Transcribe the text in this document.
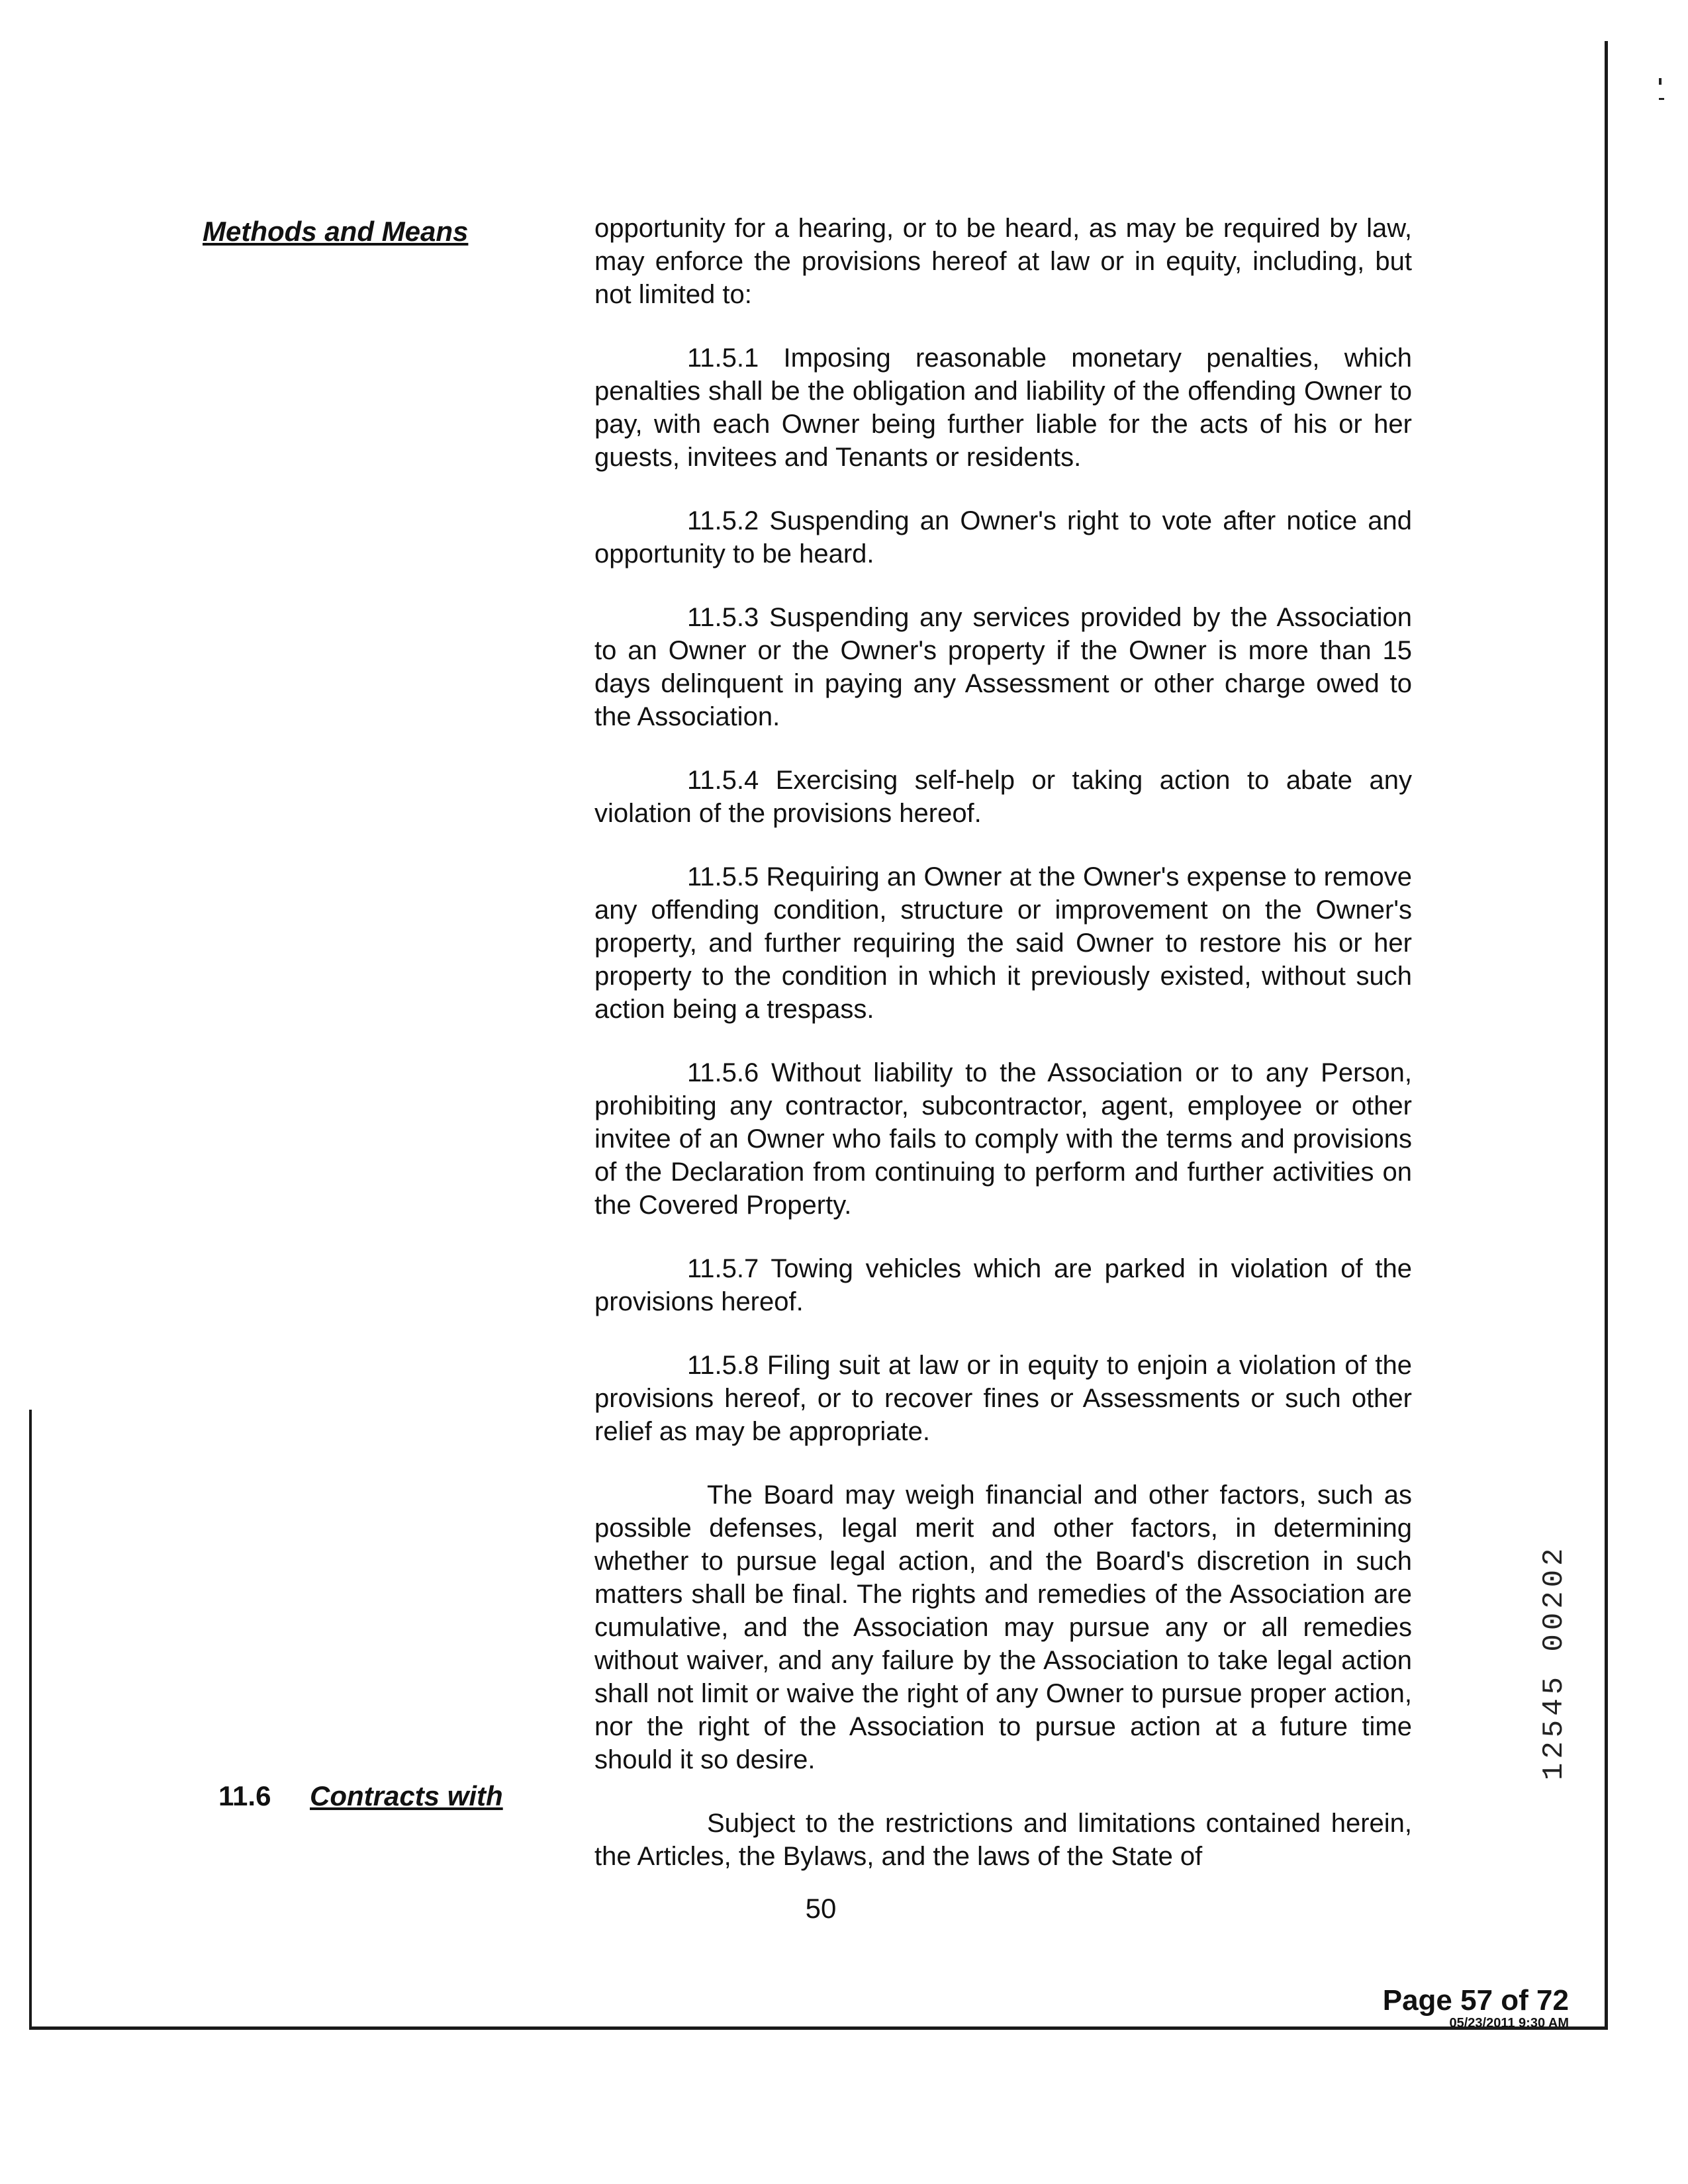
Methods and Means
11.6 Contracts with

opportunity for a hearing, or to be heard, as may be required by law, may enforce the provisions hereof at law or in equity, including, but not limited to:

11.5.1 Imposing reasonable monetary penalties, which penalties shall be the obligation and liability of the offending Owner to pay, with each Owner being further liable for the acts of his or her guests, invitees and Tenants or residents.

11.5.2 Suspending an Owner's right to vote after notice and opportunity to be heard.

11.5.3 Suspending any services provided by the Association to an Owner or the Owner's property if the Owner is more than 15 days delinquent in paying any Assessment or other charge owed to the Association.

11.5.4 Exercising self-help or taking action to abate any violation of the provisions hereof.

11.5.5 Requiring an Owner at the Owner's expense to remove any offending condition, structure or improvement on the Owner's property, and further requiring the said Owner to restore his or her property to the condition in which it previously existed, without such action being a trespass.

11.5.6 Without liability to the Association or to any Person, prohibiting any contractor, subcontractor, agent, employee or other invitee of an Owner who fails to comply with the terms and provisions of the Declaration from continuing to perform and further activities on the Covered Property.

11.5.7 Towing vehicles which are parked in violation of the provisions hereof.

11.5.8 Filing suit at law or in equity to enjoin a violation of the provisions hereof, or to recover fines or Assessments or such other relief as may be appropriate.

The Board may weigh financial and other factors, such as possible defenses, legal merit and other factors, in determining whether to pursue legal action, and the Board's discretion in such matters shall be final. The rights and remedies of the Association are cumulative, and the Association may pursue any or all remedies without waiver, and any failure by the Association to take legal action shall not limit or waive the right of any Owner to pursue proper action, nor the right of the Association to pursue action at a future time should it so desire.

Subject to the restrictions and limitations contained herein, the Articles, the Bylaws, and the laws of the State of

50
12545 00202
Page 57 of 72
05/23/2011 9:30 AM
